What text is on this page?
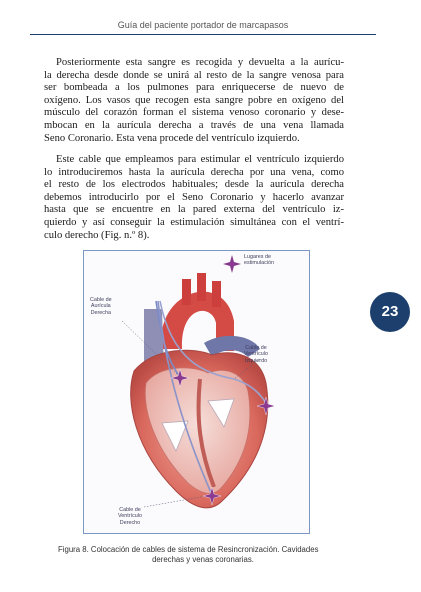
Guía del paciente portador de marcapasos

Posteriormente esta sangre es recogida y devuelta a la aurícu-
la derecha desde donde se unirá al resto de la sangre venosa para
ser bombeada a los pulmones para enriquecerse de nuevo de
oxígeno. Los vasos que recogen esta sangre pobre en oxígeno del
músculo del corazón forman el sistema venoso coronario y dese-
mbocan en la aurícula derecha a través de una vena llamada
Seno Coronario. Esta vena procede del ventrículo izquierdo.

Este cable que empleamos para estimular el ventrículo izquierdo
lo introduciremos hasta la aurícula derecha por una vena, como
el resto de los electrodos habituales; desde la aurícula derecha
debemos introducirlo por el Seno Coronario y hacerlo avanzar
hasta que se encuentre en la pared externa del ventrículo iz-
quierdo y así conseguir la estimulación simultánea con el ventrí-
culo derecho (Fig. n.º 8).

Lugares de
estimulación
Cable de
Aurícula
Derecha
Cable de
Ventrículo
Izquierdo
Cable de
Ventrículo
Derecho
23
Figura 8. Colocación de cables de sistema de Resincronización. Cavidades
derechas y venas coronarias.
